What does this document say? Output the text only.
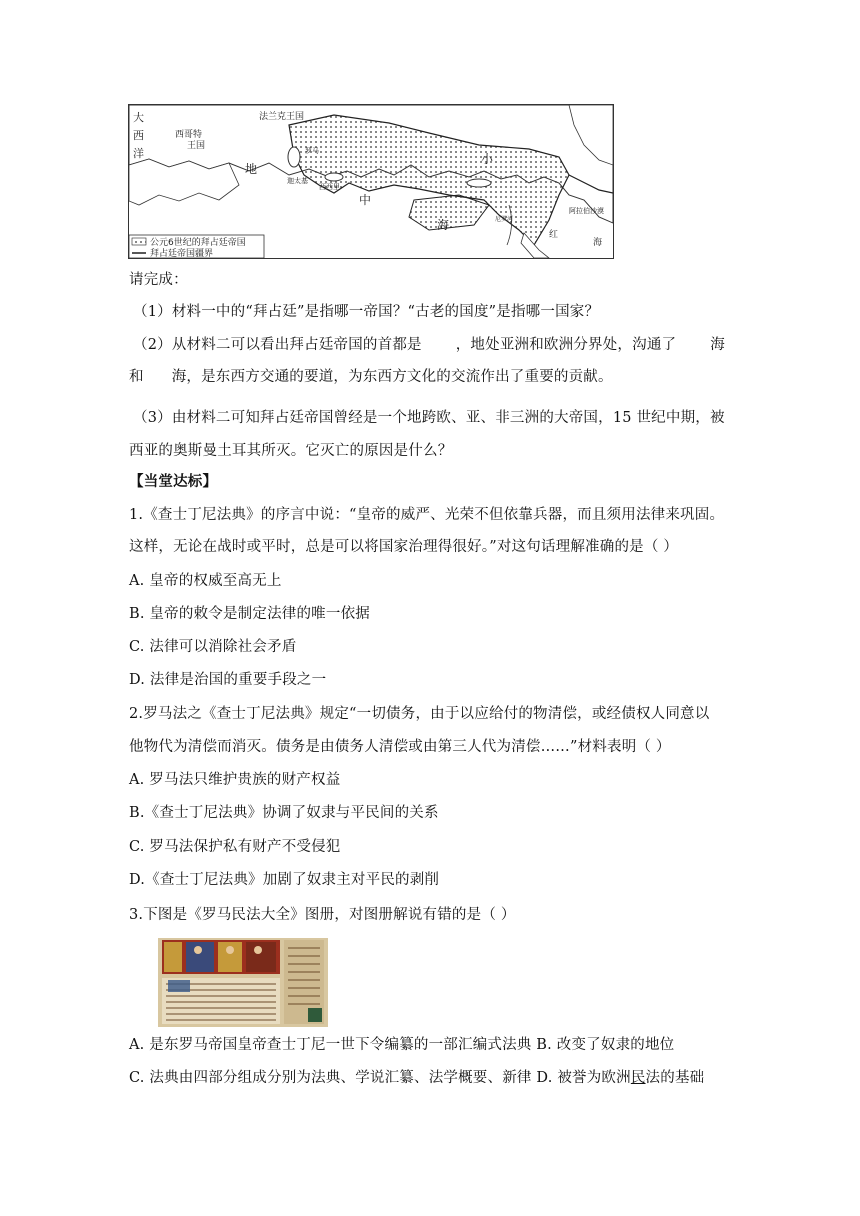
大
西
洋
西哥特
王国
法兰克王国
地
中
海
小
罗马
迦太基
西西里
红
阿拉伯沙漠
海
尼罗河
公元6世纪的拜占廷帝国
拜占廷帝国疆界
请完成：
（1）材料一中的“拜占廷”是指哪一帝国？“古老的国度”是指哪一国家？
（2）从材料二可以看出拜占廷帝国的首都是 ，地处亚洲和欧洲分界处，沟通了 海
和 海，是东西方交通的要道，为东西方文化的交流作出了重要的贡献。
（3）由材料二可知拜占廷帝国曾经是一个地跨欧、亚、非三洲的大帝国，15 世纪中期，被
西亚的奥斯曼土耳其所灭。它灭亡的原因是什么？
【当堂达标】
1.《查士丁尼法典》的序言中说：“皇帝的威严、光荣不但依靠兵器，而且须用法律来巩固。
这样，无论在战时或平时，总是可以将国家治理得很好。”对这句话理解准确的是（ ）
A. 皇帝的权威至高无上
B. 皇帝的敕令是制定法律的唯一依据
C. 法律可以消除社会矛盾
D. 法律是治国的重要手段之一
2.罗马法之《查士丁尼法典》规定“一切债务，由于以应给付的物清偿，或经债权人同意以
他物代为清偿而消灭。债务是由债务人清偿或由第三人代为清偿……”材料表明（ ）
A. 罗马法只维护贵族的财产权益
B.《查士丁尼法典》协调了奴隶与平民间的关系
C. 罗马法保护私有财产不受侵犯
D.《查士丁尼法典》加剧了奴隶主对平民的剥削
3.下图是《罗马民法大全》图册，对图册解说有错的是（ ）
A. 是东罗马帝国皇帝查士丁尼一世下令编纂的一部汇编式法典 B. 改变了奴隶的地位
C. 法典由四部分组成分别为法典、学说汇纂、法学概要、新律 D. 被誉为欧洲民法的基础
